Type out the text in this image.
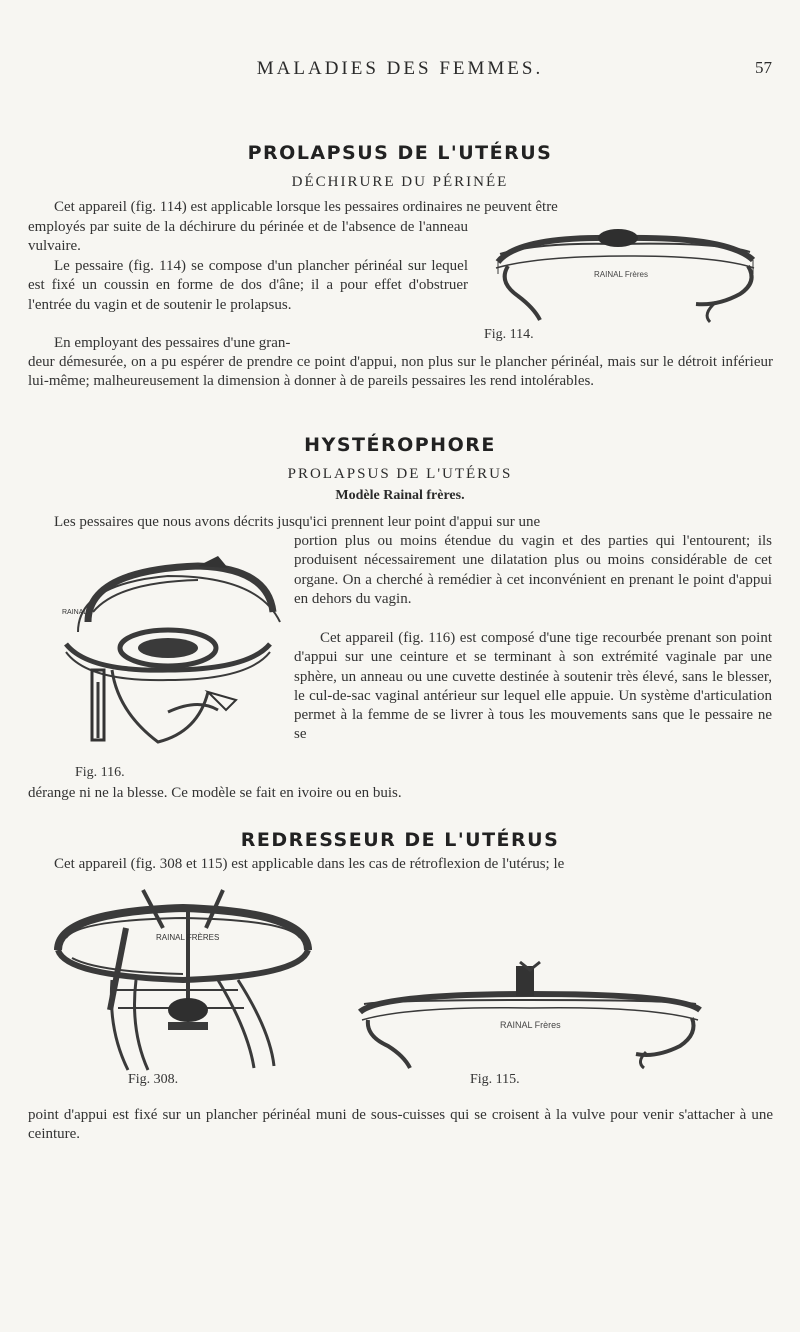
MALADIES DES FEMMES.	57
PROLAPSUS DE L'UTÉRUS
DÉCHIRURE DU PÉRINÉE
Cet appareil (fig. 114) est applicable lorsque les pessaires ordinaires ne peuvent être
employés par suite de la déchirure du périnée et de l'absence de l'anneau vulvaire.
Le pessaire (fig. 114) se compose d'un plancher périnéal sur lequel est fixé un coussin en forme de dos d'âne; il a pour effet d'obstruer l'entrée du vagin et de soutenir le prolapsus.
En employant des pessaires d'une gran-
deur démesurée, on a pu espérer de prendre ce point d'appui, non plus sur le plancher périnéal, mais sur le détroit inférieur lui-même; malheureusement la dimension à donner à de pareils pessaires les rend intolérables.
RAINAL Frères
Fig. 114.
HYSTÉROPHORE
PROLAPSUS DE L'UTÉRUS
Modèle Rainal frères.
Les pessaires que nous avons décrits jusqu'ici prennent leur point d'appui sur une
portion plus ou moins étendue du vagin et des parties qui l'entourent; ils produisent nécessairement une dilatation plus ou moins considérable de cet organe. On a cherché à remédier à cet inconvénient en prenant le point d'appui en dehors du vagin.
Cet appareil (fig. 116) est composé d'une tige recourbée prenant son point d'appui sur une ceinture et se terminant à son extrémité vaginale par une sphère, un anneau ou une cuvette destinée à soutenir très élevé, sans le blesser, le cul-de-sac vaginal antérieur sur lequel elle appuie. Un système d'articulation permet à la femme de se livrer à tous les mouvements sans que le pessaire ne se
dérange ni ne la blesse. Ce modèle se fait en ivoire ou en buis.
RAINAL
Fig. 116.
REDRESSEUR DE L'UTÉRUS
Cet appareil (fig. 308 et 115) est applicable dans les cas de rétroflexion de l'utérus; le
RAINAL FRÈRES
Fig. 308.
RAINAL Frères
Fig. 115.
point d'appui est fixé sur un plancher périnéal muni de sous-cuisses qui se croisent à la vulve pour venir s'attacher à une ceinture.
